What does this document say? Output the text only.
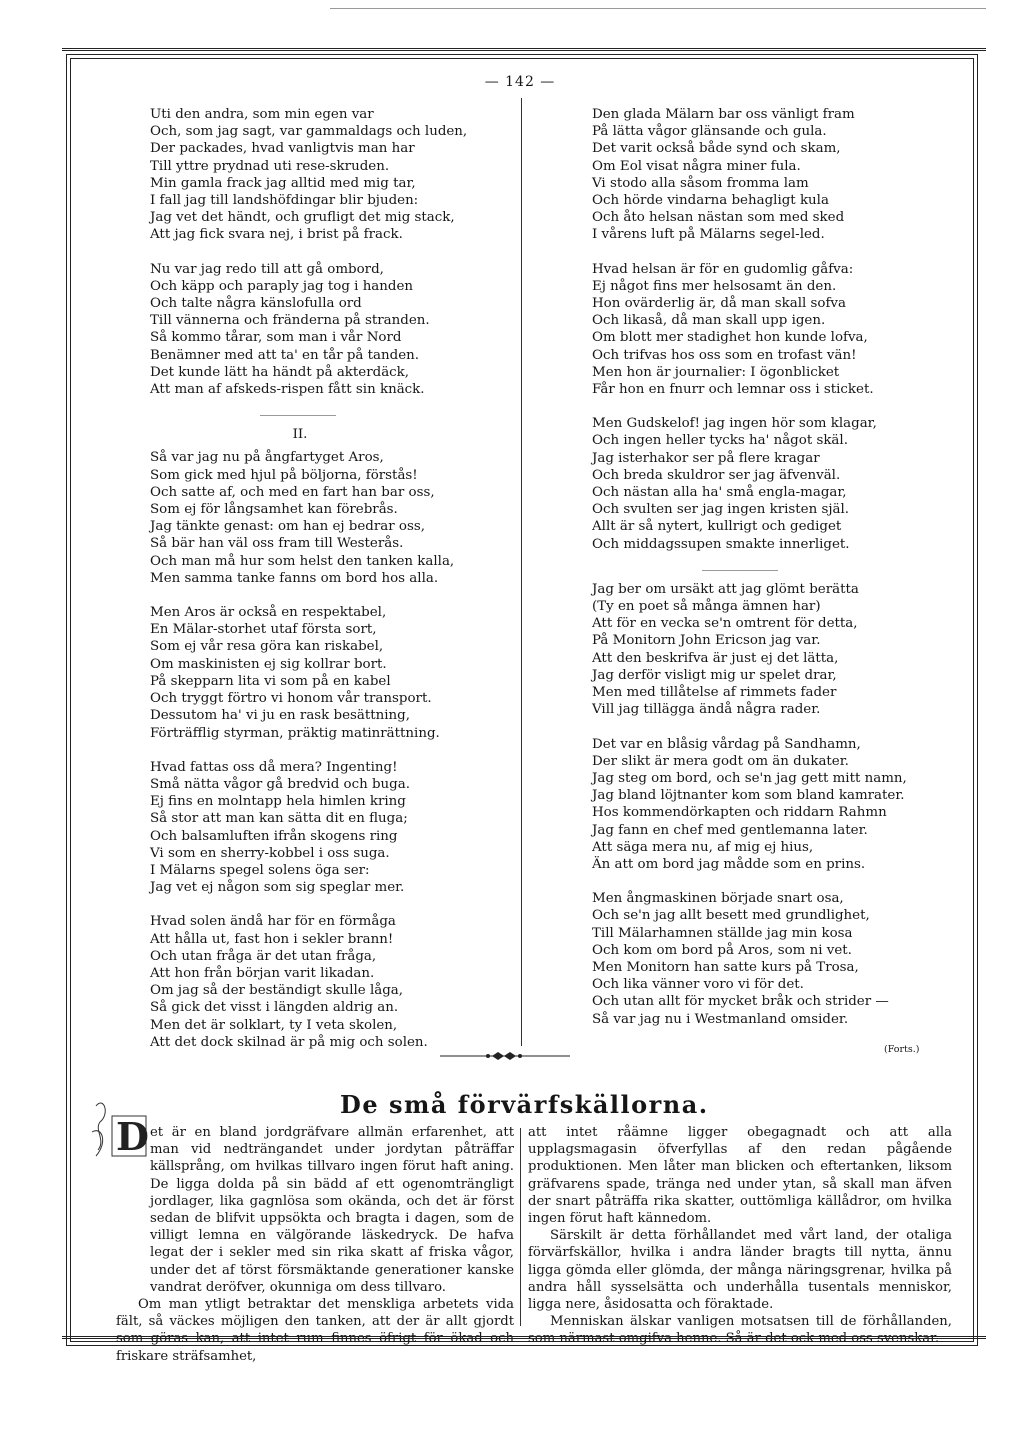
— 142 —
Uti den andra, som min egen var
Och, som jag sagt, var gammaldags och luden,
Der packades, hvad vanligtvis man har
Till yttre prydnad uti rese-skruden.
Min gamla frack jag alltid med mig tar,
I fall jag till landshöfdingar blir bjuden:
Jag vet det händt, och grufligt det mig stack,
Att jag fick svara nej, i brist på frack.
Nu var jag redo till att gå ombord,
Och käpp och paraply jag tog i handen
Och talte några känslofulla ord
Till vännerna och fränderna på stranden.
Så kommo tårar, som man i vår Nord
Benämner med att ta' en tår på tanden.
Det kunde lätt ha händt på akterdäck,
Att man af afskeds-rispen fått sin knäck.
II.
Så var jag nu på ångfartyget Aros,
Som gick med hjul på böljorna, förstås!
Och satte af, och med en fart han bar oss,
Som ej för långsamhet kan förebrås.
Jag tänkte genast: om han ej bedrar oss,
Så bär han väl oss fram till Westerås.
Och man må hur som helst den tanken kalla,
Men samma tanke fanns om bord hos alla.
Men Aros är också en respektabel,
En Mälar-storhet utaf första sort,
Som ej vår resa göra kan riskabel,
Om maskinisten ej sig kollrar bort.
På skepparn lita vi som på en kabel
Och tryggt förtro vi honom vår transport.
Dessutom ha' vi ju en rask besättning,
Förträfflig styrman, präktig matinrättning.
Hvad fattas oss då mera? Ingenting!
Små nätta vågor gå bredvid och buga.
Ej fins en molntapp hela himlen kring
Så stor att man kan sätta dit en fluga;
Och balsamluften ifrån skogens ring
Vi som en sherry-kobbel i oss suga.
I Mälarns spegel solens öga ser:
Jag vet ej någon som sig speglar mer.
Hvad solen ändå har för en förmåga
Att hålla ut, fast hon i sekler brann!
Och utan fråga är det utan fråga,
Att hon från början varit likadan.
Om jag så der beständigt skulle låga,
Så gick det visst i längden aldrig an.
Men det är solklart, ty I veta skolen,
Att det dock skilnad är på mig och solen.
Den glada Mälarn bar oss vänligt fram
På lätta vågor glänsande och gula.
Det varit också både synd och skam,
Om Eol visat några miner fula.
Vi stodo alla såsom fromma lam
Och hörde vindarna behagligt kula
Och åto helsan nästan som med sked
I vårens luft på Mälarns segel-led.
Hvad helsan är för en gudomlig gåfva:
Ej något fins mer helsosamt än den.
Hon ovärderlig är, då man skall sofva
Och likaså, då man skall upp igen.
Om blott mer stadighet hon kunde lofva,
Och trifvas hos oss som en trofast vän!
Men hon är journalier: I ögonblicket
Får hon en fnurr och lemnar oss i sticket.
Men Gudskelof! jag ingen hör som klagar,
Och ingen heller tycks ha' något skäl.
Jag isterhakor ser på flere kragar
Och breda skuldror ser jag äfvenväl.
Och nästan alla ha' små engla-magar,
Och svulten ser jag ingen kristen själ.
Allt är så nytert, kullrigt och gediget
Och middagssupen smakte innerliget.
Jag ber om ursäkt att jag glömt berätta
(Ty en poet så många ämnen har)
Att för en vecka se'n omtrent för detta,
På Monitorn John Ericson jag var.
Att den beskrifva är just ej det lätta,
Jag derför visligt mig ur spelet drar,
Men med tillåtelse af rimmets fader
Vill jag tillägga ändå några rader.
Det var en blåsig vårdag på Sandhamn,
Der slikt är mera godt om än dukater.
Jag steg om bord, och se'n jag gett mitt namn,
Jag bland löjtnanter kom som bland kamrater.
Hos kommendörkapten och riddarn Rahmn
Jag fann en chef med gentlemanna later.
Att säga mera nu, af mig ej hius,
Än att om bord jag mådde som en prins.
Men ångmaskinen började snart osa,
Och se'n jag allt besett med grundlighet,
Till Mälarhamnen ställde jag min kosa
Och kom om bord på Aros, som ni vet.
Men Monitorn han satte kurs på Trosa,
Och lika vänner voro vi för det.
Och utan allt för mycket bråk och strider —
Så var jag nu i Westmanland omsider.
(Forts.)
D
De små förvärfskällorna.

et är en bland jordgräfvare allmän erfarenhet, att man vid nedträngandet under jordytan påträffar källsprång, om hvilkas tillvaro ingen förut haft aning. De ligga dolda på sin bädd af ett ogenomträngligt jordlager, lika gagnlösa som okända, och det är först sedan de blifvit uppsökta och bragta i dagen, som de villigt lemna en välgörande läskedryck. De hafva legat der i sekler med sin rika skatt af friska vågor, under det af törst försmäktande generationer kanske vandrat deröfver, okunniga om dess tillvaro.

Om man ytligt betraktar det menskliga arbetets vida fält, så väckes möjligen den tanken, att der är allt gjordt som göras kan, att intet rum finnes öfrigt för ökad och friskare sträfsamhet,

att intet råämne ligger obegagnadt och att alla upplagsmagasin öfverfyllas af den redan pågående produktionen. Men låter man blicken och eftertanken, liksom gräfvarens spade, tränga ned under ytan, så skall man äfven der snart påträffa rika skatter, outtömliga källådror, om hvilka ingen förut haft kännedom.

Särskilt är detta förhållandet med vårt land, der otaliga förvärfskällor, hvilka i andra länder bragts till nytta, ännu ligga gömda eller glömda, der många näringsgrenar, hvilka på andra håll sysselsätta och underhålla tusentals menniskor, ligga nere, åsidosatta och föraktade.

Menniskan älskar vanligen motsatsen till de förhållanden, som närmast omgifva henne. Så är det ock med oss svenskar.
